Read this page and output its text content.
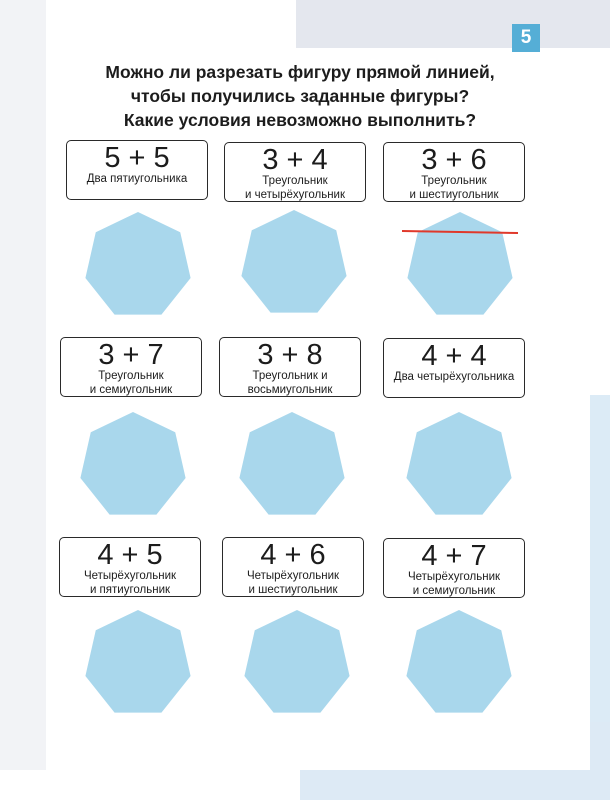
5
Можно ли разрезать фигуру прямой линией,
чтобы получились заданные фигуры?
Какие условия невозможно выполнить?
5 + 5
Два пятиугольника
3 + 4
Треугольник
и четырёхугольник
3 + 6
Треугольник
и шестиугольник
3 + 7
Треугольник
и семиугольник
3 + 8
Треугольник и
восьмиугольник
4 + 4
Два четырёхугольника
4 + 5
Четырёхугольник
и пятиугольник
4 + 6
Четырёхугольник
и шестиугольник
4 + 7
Четырёхугольник
и семиугольник
